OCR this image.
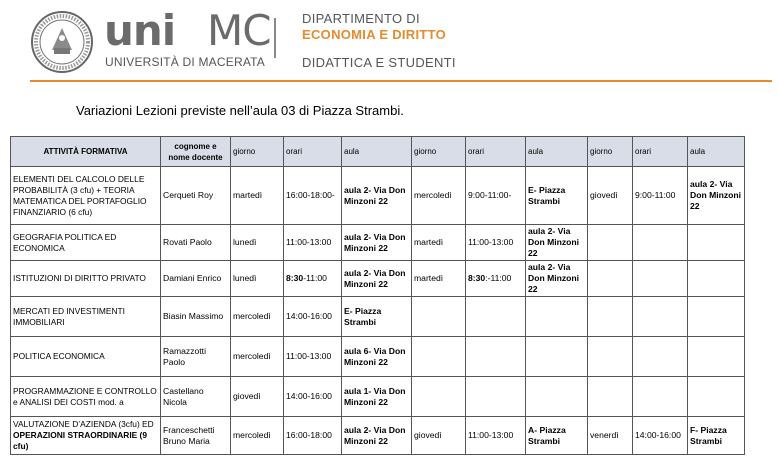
uni MC
UNIVERSITÀ DI MACERATA
DIPARTIMENTO DI
ECONOMIA E DIRITTO
DIDATTICA E STUDENTI
Variazioni Lezioni previste nell’aula 03 di Piazza Strambi.
ATTIVITÀ FORMATIVA	cognome e nome docente	giorno	orari	aula	giorno	orari	aula	giorno	orari	aula
ELEMENTI DEL CALCOLO DELLE PROBABILITÀ (3 cfu) + TEORIA MATEMATICA DEL PORTAFOGLIO FINANZIARIO (6 cfu)	Cerqueti Roy	martedì	16:00-18:00-	aula 2- Via Don Minzoni 22	mercoledì	9:00-11:00-	E- Piazza Strambi	giovedì	9:00-11:00	aula 2- Via Don Minzoni 22
GEOGRAFIA POLITICA ED ECONOMICA	Rovati Paolo	lunedì	11:00-13:00	aula 2- Via Don Minzoni 22	martedì	11:00-13:00	aula 2- Via Don Minzoni 22			
ISTITUZIONI DI DIRITTO PRIVATO	Damiani Enrico	lunedì	8:30-11:00	aula 2- Via Don Minzoni 22	martedì	8:30:-11:00	aula 2- Via Don Minzoni 22			
MERCATI ED INVESTIMENTI IMMOBILIARI	Biasin Massimo	mercoledì	14:00-16:00	E- Piazza Strambi						
POLITICA ECONOMICA	Ramazzotti Paolo	mercoledì	11:00-13:00	aula 6- Via Don Minzoni 22						
PROGRAMMAZIONE E CONTROLLO e ANALISI DEI COSTI mod. a	Castellano Nicola	giovedì	14:00-16:00	aula 1- Via Don Minzoni 22						
VALUTAZIONE D’AZIENDA (3cfu) ED OPERAZIONI STRAORDINARIE (9 cfu)	Franceschetti Bruno Maria	mercoledì	16:00-18:00	aula 2- Via Don Minzoni 22	giovedì	11:00-13:00	A- Piazza Strambi	venerdì	14:00-16:00	F- Piazza Strambi
